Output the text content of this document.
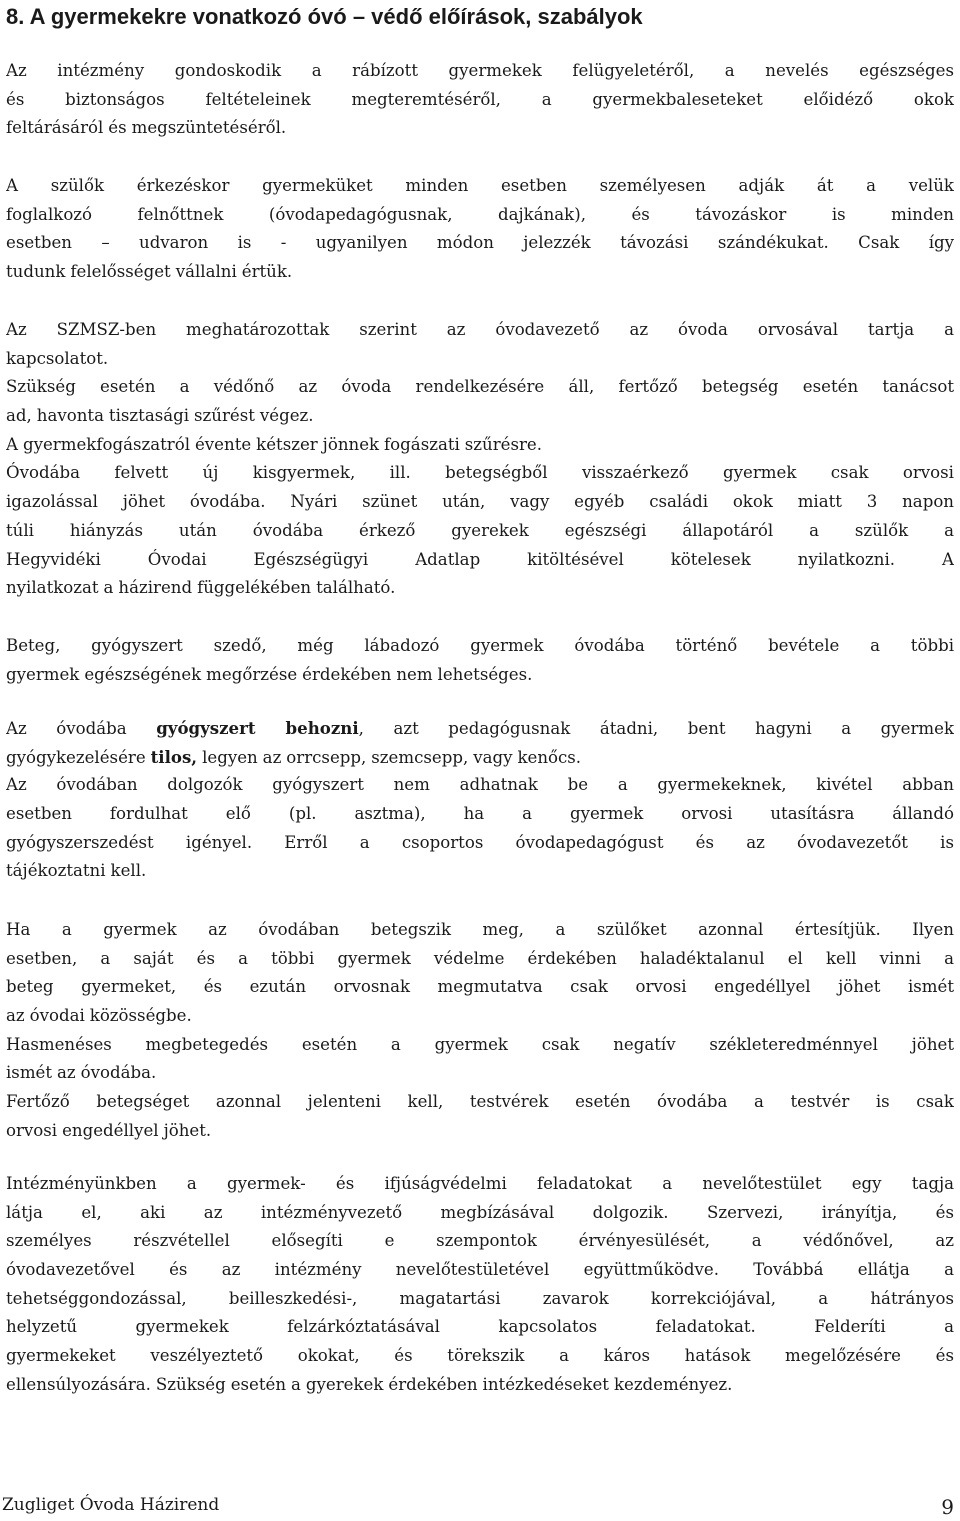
8. A gyermekekre vonatkozó óvó – védő előírások, szabályok
Az intézmény gondoskodik a rábízott gyermekek felügyeletéről, a nevelés egészséges
és biztonságos feltételeinek megteremtéséről, a gyermekbaleseteket előidéző okok
feltárásáról és megszüntetéséről.
A szülők érkezéskor gyermeküket minden esetben személyesen adják át a velük
foglalkozó felnőttnek (óvodapedagógusnak, dajkának), és távozáskor is minden
esetben – udvaron is - ugyanilyen módon jelezzék távozási szándékukat. Csak így
tudunk felelősséget vállalni értük.
Az SZMSZ-ben meghatározottak szerint az óvodavezető az óvoda orvosával tartja a
kapcsolatot.
Szükség esetén a védőnő az óvoda rendelkezésére áll, fertőző betegség esetén tanácsot
ad, havonta tisztasági szűrést végez.
A gyermekfogászatról évente kétszer jönnek fogászati szűrésre.
Óvodába felvett új kisgyermek, ill. betegségből visszaérkező gyermek csak orvosi
igazolással jöhet óvodába. Nyári szünet után, vagy egyéb családi okok miatt 3 napon
túli hiányzás után óvodába érkező gyerekek egészségi állapotáról a szülők a
Hegyvidéki Óvodai Egészségügyi Adatlap kitöltésével kötelesek nyilatkozni. A
nyilatkozat a házirend függelékében található.
Beteg, gyógyszert szedő, még lábadozó gyermek óvodába történő bevétele a többi
gyermek egészségének megőrzése érdekében nem lehetséges.
Az óvodába gyógyszert behozni, azt pedagógusnak átadni, bent hagyni a gyermek
gyógykezelésére tilos, legyen az orrcsepp, szemcsepp, vagy kenőcs.
Az óvodában dolgozók gyógyszert nem adhatnak be a gyermekeknek, kivétel abban
esetben fordulhat elő (pl. asztma), ha a gyermek orvosi utasításra állandó
gyógyszerszedést igényel. Erről a csoportos óvodapedagógust és az óvodavezetőt is
tájékoztatni kell.
Ha a gyermek az óvodában betegszik meg, a szülőket azonnal értesítjük. Ilyen
esetben, a saját és a többi gyermek védelme érdekében haladéktalanul el kell vinni a
beteg gyermeket, és ezután orvosnak megmutatva csak orvosi engedéllyel jöhet ismét
az óvodai közösségbe.
Hasmenéses megbetegedés esetén a gyermek csak negatív székleteredménnyel jöhet
ismét az óvodába.
Fertőző betegséget azonnal jelenteni kell, testvérek esetén óvodába a testvér is csak
orvosi engedéllyel jöhet.
Intézményünkben a gyermek- és ifjúságvédelmi feladatokat a nevelőtestület egy tagja
látja el, aki az intézményvezető megbízásával dolgozik. Szervezi, irányítja, és
személyes részvétellel elősegíti e szempontok érvényesülését, a védőnővel, az
óvodavezetővel és az intézmény nevelőtestületével együttműködve. Továbbá ellátja a
tehetséggondozással, beilleszkedési-, magatartási zavarok korrekciójával, a hátrányos
helyzetű gyermekek felzárkóztatásával kapcsolatos feladatokat. Felderíti a
gyermekeket veszélyeztető okokat, és törekszik a káros hatások megelőzésére és
ellensúlyozására. Szükség esetén a gyerekek érdekében intézkedéseket kezdeményez.
Zugliget Óvoda Házirend	9
